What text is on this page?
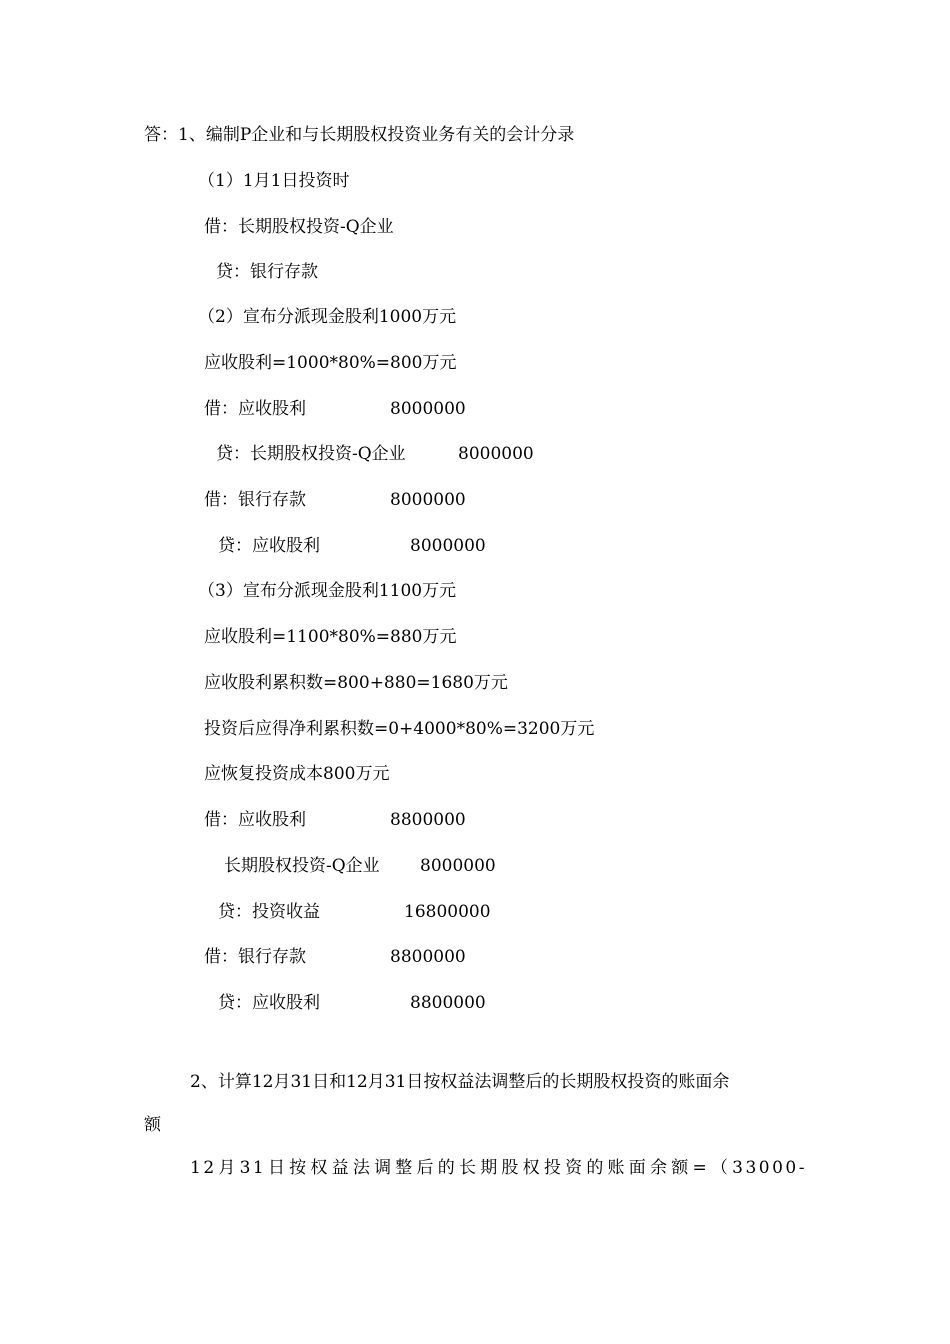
答：1、编制P企业和与长期股权投资业务有关的会计分录
（1）1月1日投资时
借：长期股权投资-Q企业
贷：银行存款
（2）宣布分派现金股利1000万元
应收股利=1000*80%=800万元
借：应收股利	8000000
贷：长期股权投资-Q企业	8000000
借：银行存款	8000000
贷：应收股利	8000000
（3）宣布分派现金股利1100万元
应收股利=1100*80%=880万元
应收股利累积数=800+880=1680万元
投资后应得净利累积数=0+4000*80%=3200万元
应恢复投资成本800万元
借：应收股利	8800000
长期股权投资-Q企业 8000000
贷：投资收益	16800000
借：银行存款	8800000
贷：应收股利	8800000
2、计算12月31日和12月31日按权益法调整后的长期股权投资的账面余
额
12月31日按权益法调整后的长期股权投资的账面余额=（33000-
